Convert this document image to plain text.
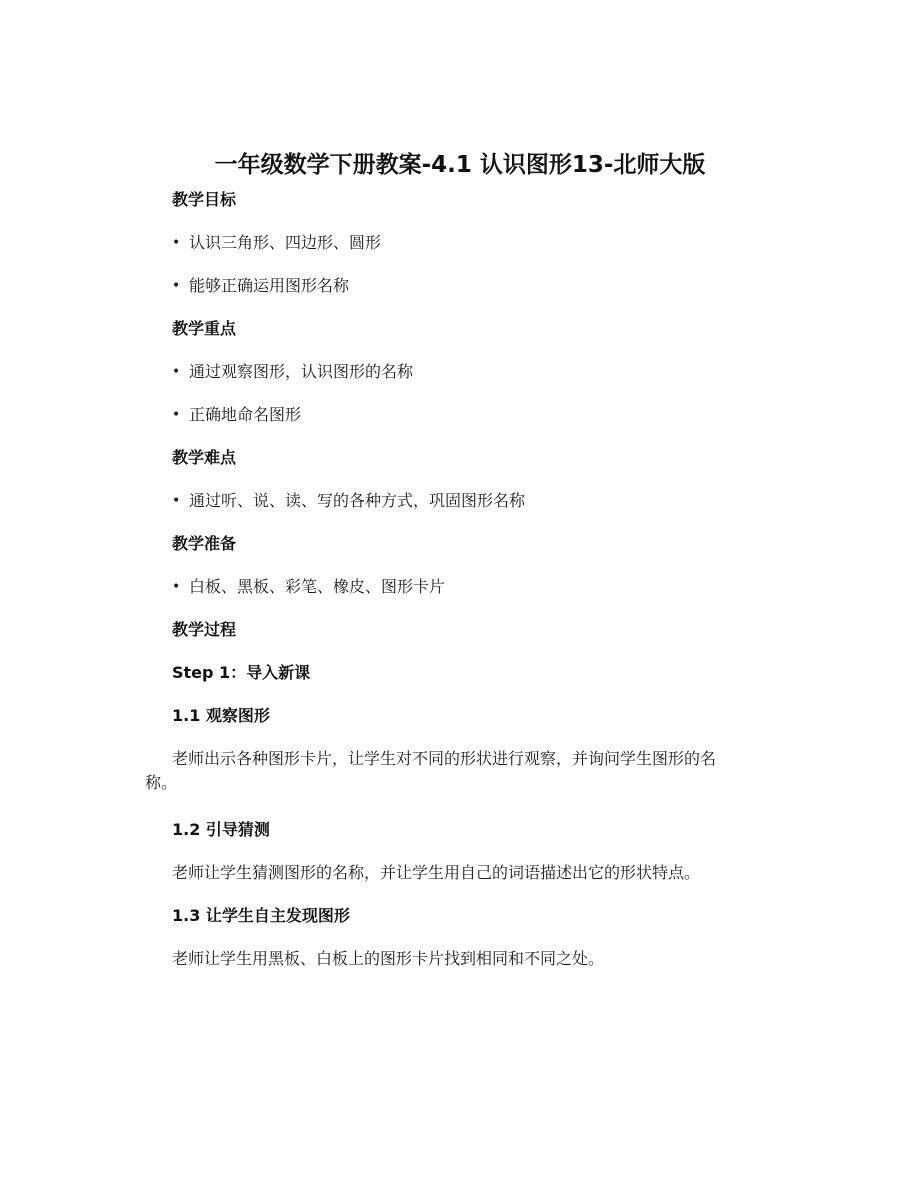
一年级数学下册教案-4.1 认识图形13-北师大版

教学目标

• 认识三角形、四边形、圆形

• 能够正确运用图形名称

教学重点

• 通过观察图形，认识图形的名称

• 正确地命名图形

教学难点

• 通过听、说、读、写的各种方式，巩固图形名称

教学准备

• 白板、黑板、彩笔、橡皮、图形卡片

教学过程

Step 1：导入新课

1.1 观察图形

老师出示各种图形卡片，让学生对不同的形状进行观察，并询问学生图形的名

称。

1.2 引导猜测

老师让学生猜测图形的名称，并让学生用自己的词语描述出它的形状特点。

1.3 让学生自主发现图形

老师让学生用黑板、白板上的图形卡片找到相同和不同之处。
